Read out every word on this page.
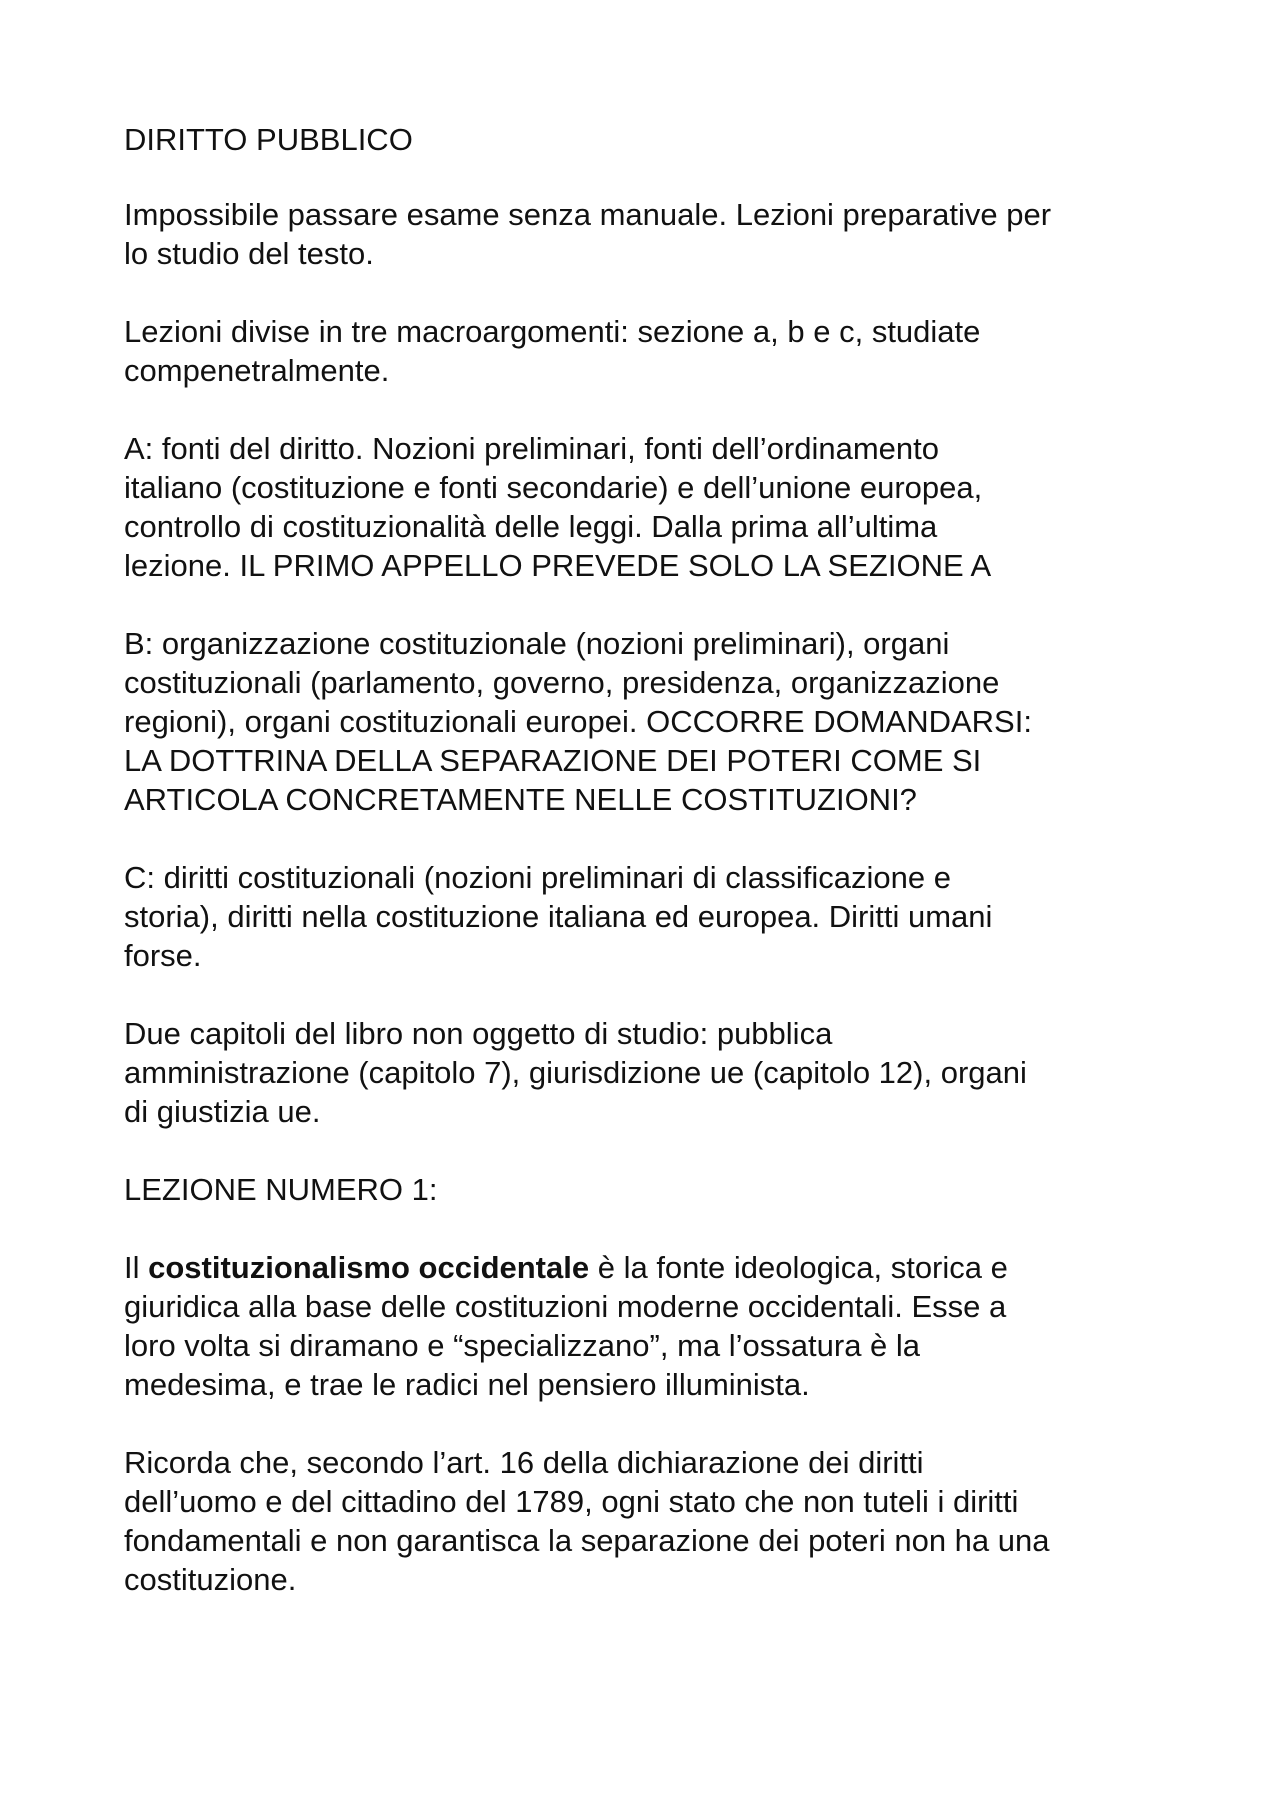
DIRITTO PUBBLICO

Impossibile passare esame senza manuale. Lezioni preparative per
lo studio del testo.

Lezioni divise in tre macroargomenti: sezione a, b e c, studiate
compenetralmente.

A: fonti del diritto. Nozioni preliminari, fonti dell’ordinamento
italiano (costituzione e fonti secondarie) e dell’unione europea,
controllo di costituzionalità delle leggi. Dalla prima all’ultima
lezione. IL PRIMO APPELLO PREVEDE SOLO LA SEZIONE A

B: organizzazione costituzionale (nozioni preliminari), organi
costituzionali (parlamento, governo, presidenza, organizzazione
regioni), organi costituzionali europei. OCCORRE DOMANDARSI:
LA DOTTRINA DELLA SEPARAZIONE DEI POTERI COME SI
ARTICOLA CONCRETAMENTE NELLE COSTITUZIONI?

C: diritti costituzionali (nozioni preliminari di classificazione e
storia), diritti nella costituzione italiana ed europea. Diritti umani
forse.

Due capitoli del libro non oggetto di studio: pubblica
amministrazione (capitolo 7), giurisdizione ue (capitolo 12), organi
di giustizia ue.

LEZIONE NUMERO 1:

Il costituzionalismo occidentale è la fonte ideologica, storica e
giuridica alla base delle costituzioni moderne occidentali. Esse a
loro volta si diramano e “specializzano”, ma l’ossatura è la
medesima, e trae le radici nel pensiero illuminista.

Ricorda che, secondo l’art. 16 della dichiarazione dei diritti
dell’uomo e del cittadino del 1789, ogni stato che non tuteli i diritti
fondamentali e non garantisca la separazione dei poteri non ha una
costituzione.
